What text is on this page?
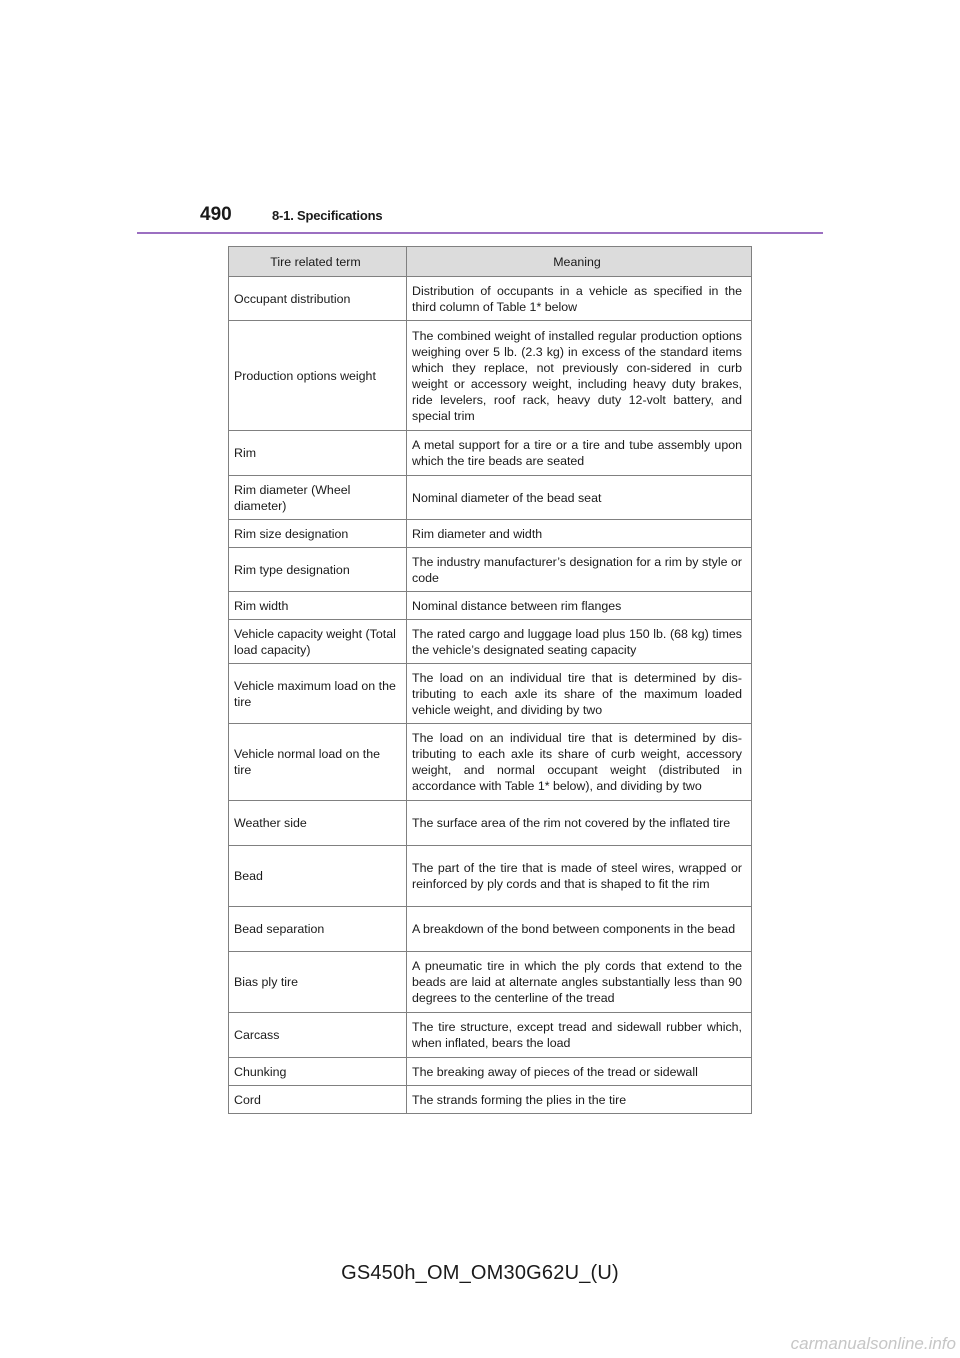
490	8-1. Specifications
Tire related term	Meaning
Occupant distribution	Distribution of occupants in a vehicle as specified in the third column of Table 1* below
Production options weight	The combined weight of installed regular production options weighing over 5 lb. (2.3 kg) in excess of the standard items which they replace, not previously con-sidered in curb weight or accessory weight, including heavy duty brakes, ride levelers, roof rack, heavy duty 12-volt battery, and special trim
Rim	A metal support for a tire or a tire and tube assembly upon which the tire beads are seated
Rim diameter (Wheel diameter)	Nominal diameter of the bead seat
Rim size designation	Rim diameter and width
Rim type designation	The industry manufacturer’s designation for a rim by style or code
Rim width	Nominal distance between rim flanges
Vehicle capacity weight (Total load capacity)	The rated cargo and luggage load plus 150 lb. (68 kg) times the vehicle’s designated seating capacity
Vehicle maximum load on the tire	The load on an individual tire that is determined by dis-tributing to each axle its share of the maximum loaded vehicle weight, and dividing by two
Vehicle normal load on the tire	The load on an individual tire that is determined by dis-tributing to each axle its share of curb weight, accessory weight, and normal occupant weight (distributed in accordance with Table 1* below), and dividing by two
Weather side	The surface area of the rim not covered by the inflated tire
Bead	The part of the tire that is made of steel wires, wrapped or reinforced by ply cords and that is shaped to fit the rim
Bead separation	A breakdown of the bond between components in the bead
Bias ply tire	A pneumatic tire in which the ply cords that extend to the beads are laid at alternate angles substantially less than 90 degrees to the centerline of the tread
Carcass	The tire structure, except tread and sidewall rubber which, when inflated, bears the load
Chunking	The breaking away of pieces of the tread or sidewall
Cord	The strands forming the plies in the tire
GS450h_OM_OM30G62U_(U)
carmanualsonline.info
